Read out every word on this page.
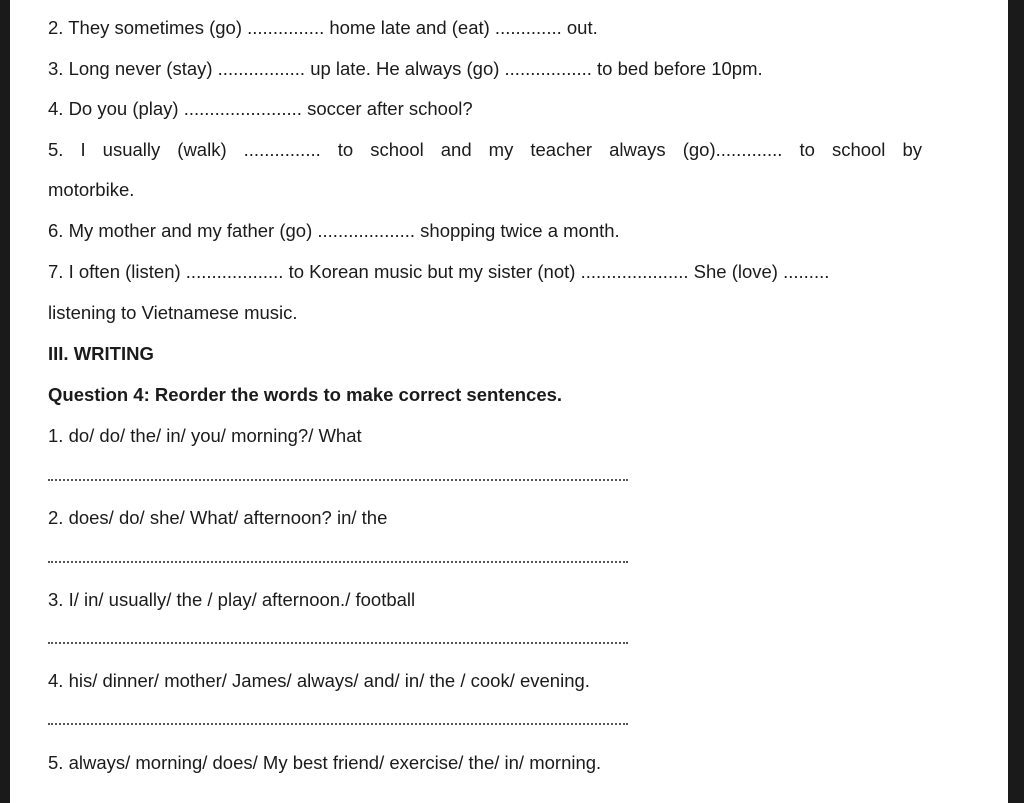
2. They sometimes (go) ............... home late and (eat) ............. out.

3. Long never (stay) ................. up late. He always (go) ................. to bed before 10pm.

4. Do you (play) ....................... soccer after school?

5. I usually (walk) ............... to school and my teacher always (go)............. to school by

motorbike.

6. My mother and my father (go) ................... shopping twice a month.

7. I often (listen) ................... to Korean music but my sister (not) ..................... She (love) .........

listening to Vietnamese music.

III. WRITING

Question 4: Reorder the words to make correct sentences.

1. do/ do/ the/ in/ you/ morning?/ What

2. does/ do/ she/ What/ afternoon? in/ the

3. I/ in/ usually/ the / play/ afternoon./ football

4. his/ dinner/ mother/ James/ always/ and/ in/ the / cook/ evening.

5. always/ morning/ does/ My best friend/ exercise/ the/ in/ morning.
